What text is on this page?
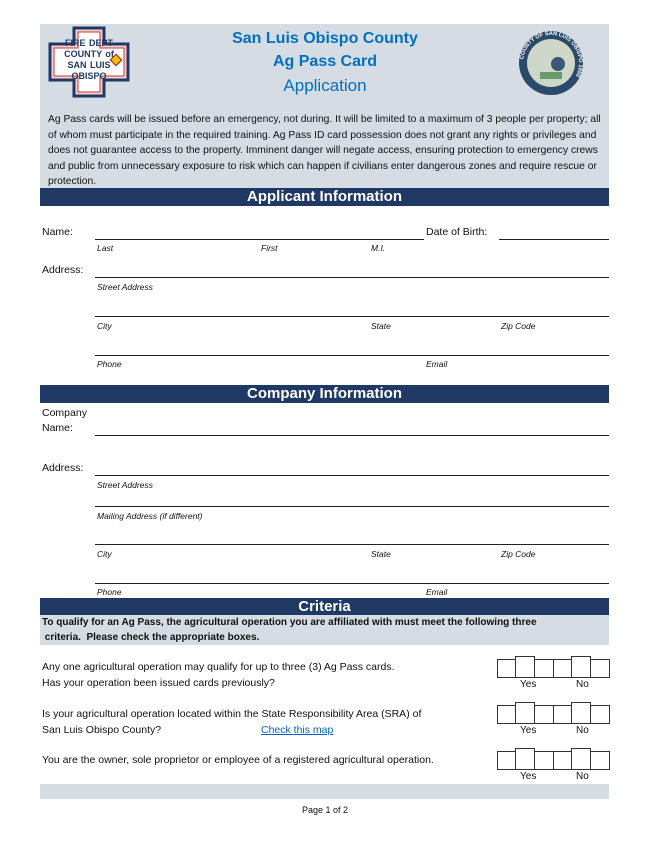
FIRE DEPT COUNTY of SAN LUIS OBISPO
COUNTY OF SAN LUIS OBISPO 1850
San Luis Obispo County
Ag Pass Card
Application
Ag Pass cards will be issued before an emergency, not during. It will be limited to a maximum of 3 people per property; all of whom must participate in the required training. Ag Pass ID card possession does not grant any rights or privileges and does not guarantee access to the property. Imminent danger will negate access, ensuring protection to emergency crews and public from unnecessary exposure to risk which can happen if civilians enter dangerous zones and require rescue or protection.
Applicant Information
Name:	Date of Birth:
Last	First	M.I.
Address:
Street Address
City	State	Zip Code
Phone	Email
Company Information
Company
Name:
Address:
Street Address
Mailing Address (if different)
City	State	Zip Code
Phone	Email
Criteria
To qualify for an Ag Pass, the agricultural operation you are affiliated with must meet the following three
criteria.  Please check the appropriate boxes.
Any one agricultural operation may qualify for up to three (3) Ag Pass cards.
Has your operation been issued cards previously?	Yes	No
Is your agricultural operation located within the State Responsibility Area (SRA) of
San Luis Obispo County?	Check this map	Yes	No
You are the owner, sole proprietor or employee of a registered agricultural operation.
Yes	No
Page 1 of 2
